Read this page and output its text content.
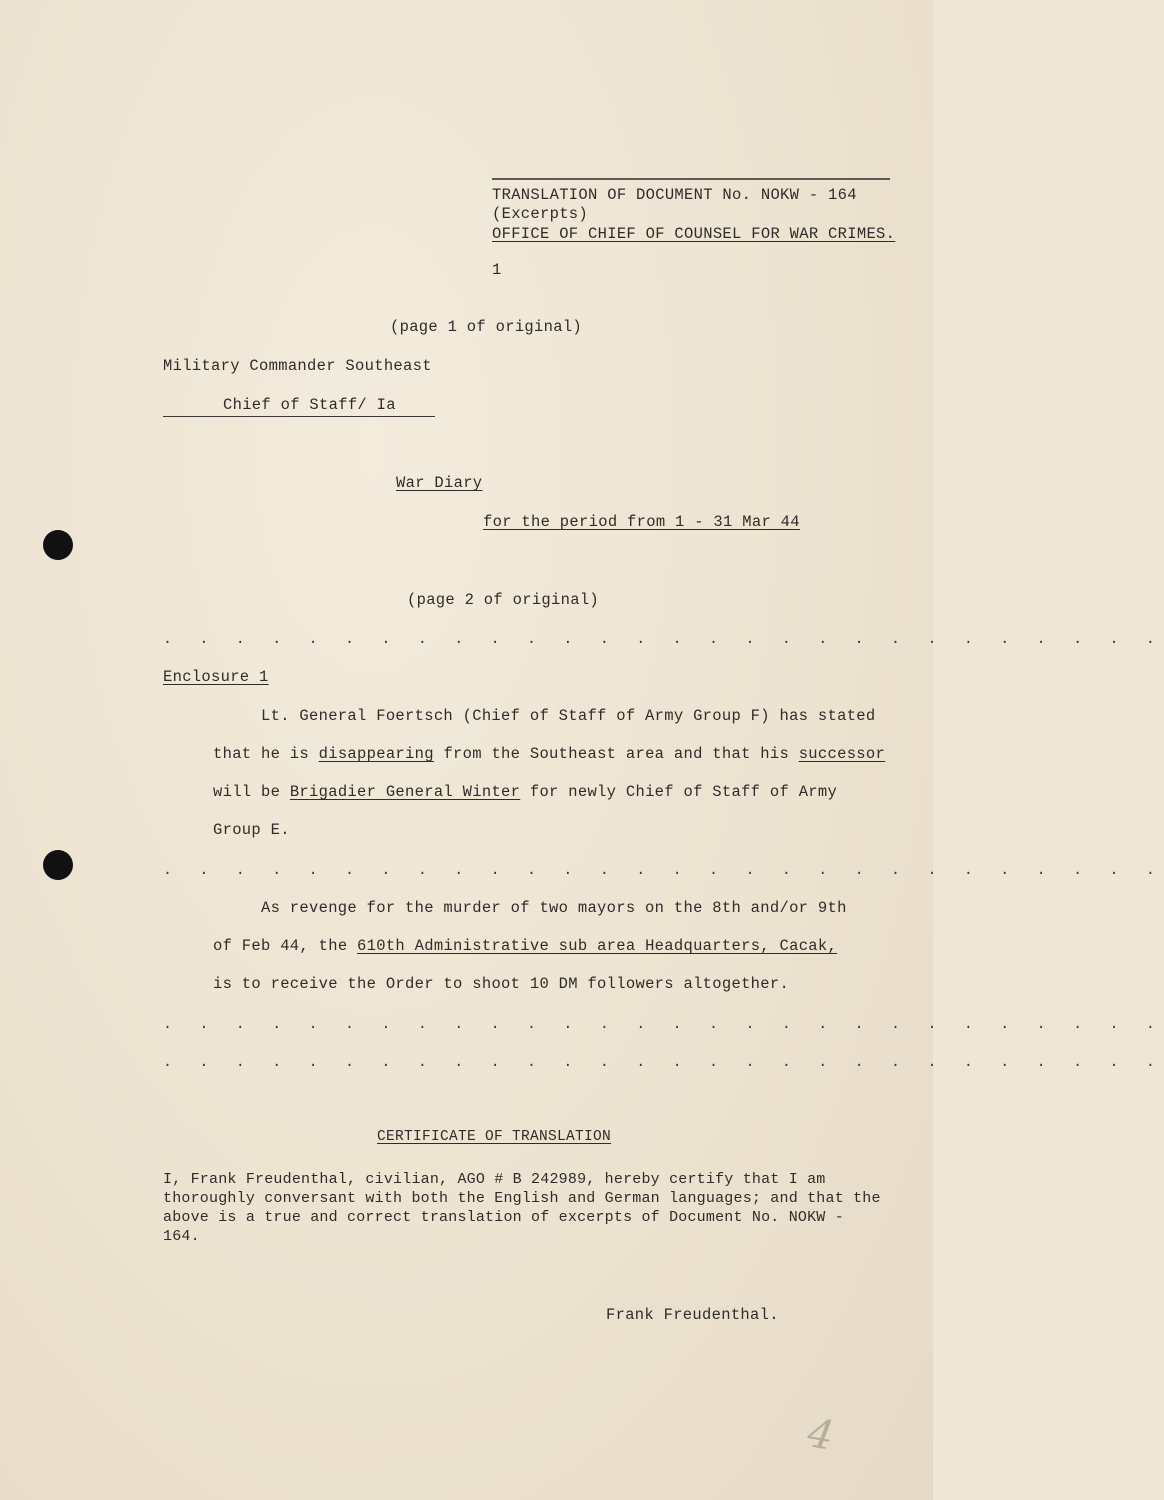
TRANSLATION OF DOCUMENT No. NOKW - 164
(Excerpts)
OFFICE OF CHIEF OF COUNSEL FOR WAR CRIMES.
1
(page 1 of original)
Military Commander Southeast
Chief of Staff/ Ia
War Diary
for the period from 1 - 31 Mar 44
(page 2 of original)
. . . . . . . . . . . . . . . . . . . . . . . . . . . .
Enclosure 1
Lt. General Foertsch (Chief of Staff of Army Group F) has stated
that he is disappearing from the Southeast area and that his successor
will be Brigadier General Winter for newly Chief of Staff of Army
Group E.
. . . . . . . . . . . . . . . . . . . . . . . . . . . .
As revenge for the murder of two mayors on the 8th and/or 9th
of Feb 44, the 610th Administrative sub area Headquarters, Cacak,
is to receive the Order to shoot 10 DM followers altogether.
. . . . . . . . . . . . . . . . . . . . . . . . . . . .
. . . . . . . . . . . . . . . . . . . . . . . . . . . .
CERTIFICATE OF TRANSLATION
I, Frank Freudenthal, civilian, AGO # B 242989, hereby certify that I am thoroughly conversant with both the English and German languages; and that the above is a true and correct translation of excerpts of Document No. NOKW - 164.
Frank Freudenthal.
4
